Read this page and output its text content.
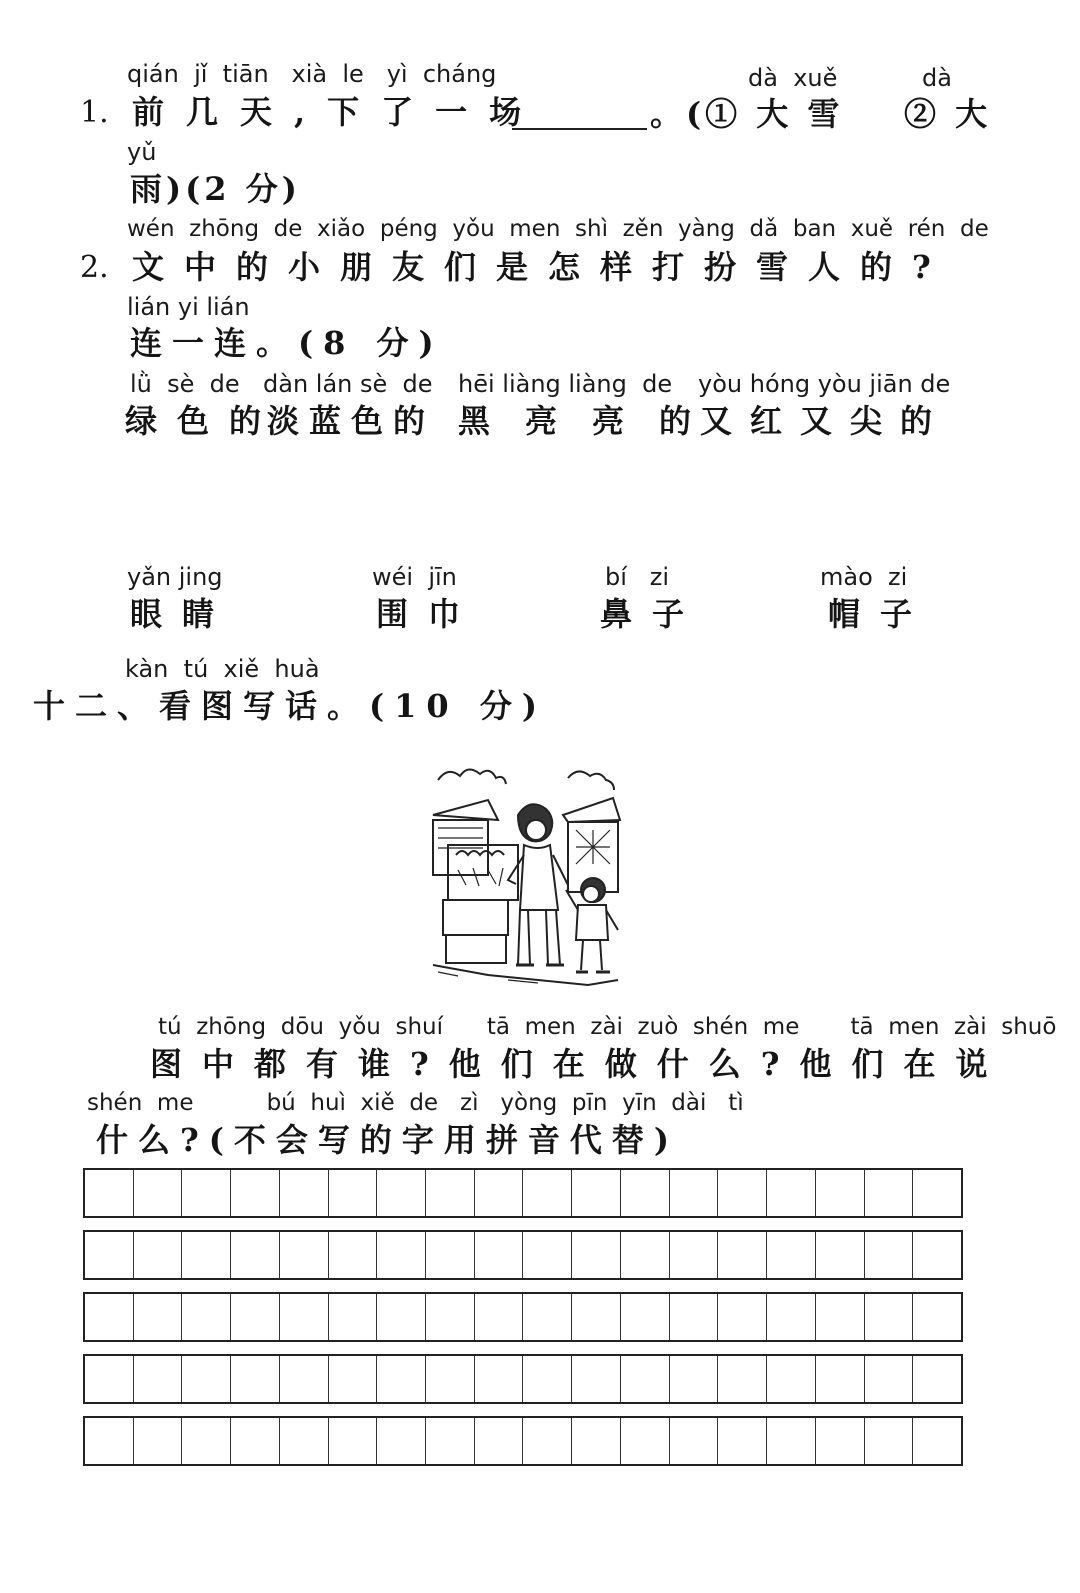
qián  jǐ  tiān   xià  le   yì  cháng	dà  xuě	dà
1. 前几天,下了一场	。(① 大 雪    ② 大
yǔ
雨)(2 分)
wén  zhōng  de  xiǎo  péng  yǒu  men  shì  zěn  yàng  dǎ  ban  xuě  rén  de
2. 文中的小朋友们是怎样打扮雪人的?
lián yi lián
连一连。(8 分)
lǜ  sè  de
绿色的
dàn lán sè  de
淡蓝色的
hēi liàng liàng  de
黑亮亮的
yòu hóng yòu jiān de
又红又尖的
yǎn jing
眼睛
wéi  jīn
围巾
bí   zi
鼻子
mào  zi
帽子
kàn  tú  xiě  huà
十二、看图写话。(10 分)
tú  zhōng  dōu  yǒu  shuí      tā  men  zài  zuò  shén  me       tā  men  zài  shuō
图中都有谁?他们在做什么?他们在说
shén  me          bú  huì  xiě  de   zì   yòng  pīn  yīn  dài   tì
什么?(不会写的字用拼音代替)
